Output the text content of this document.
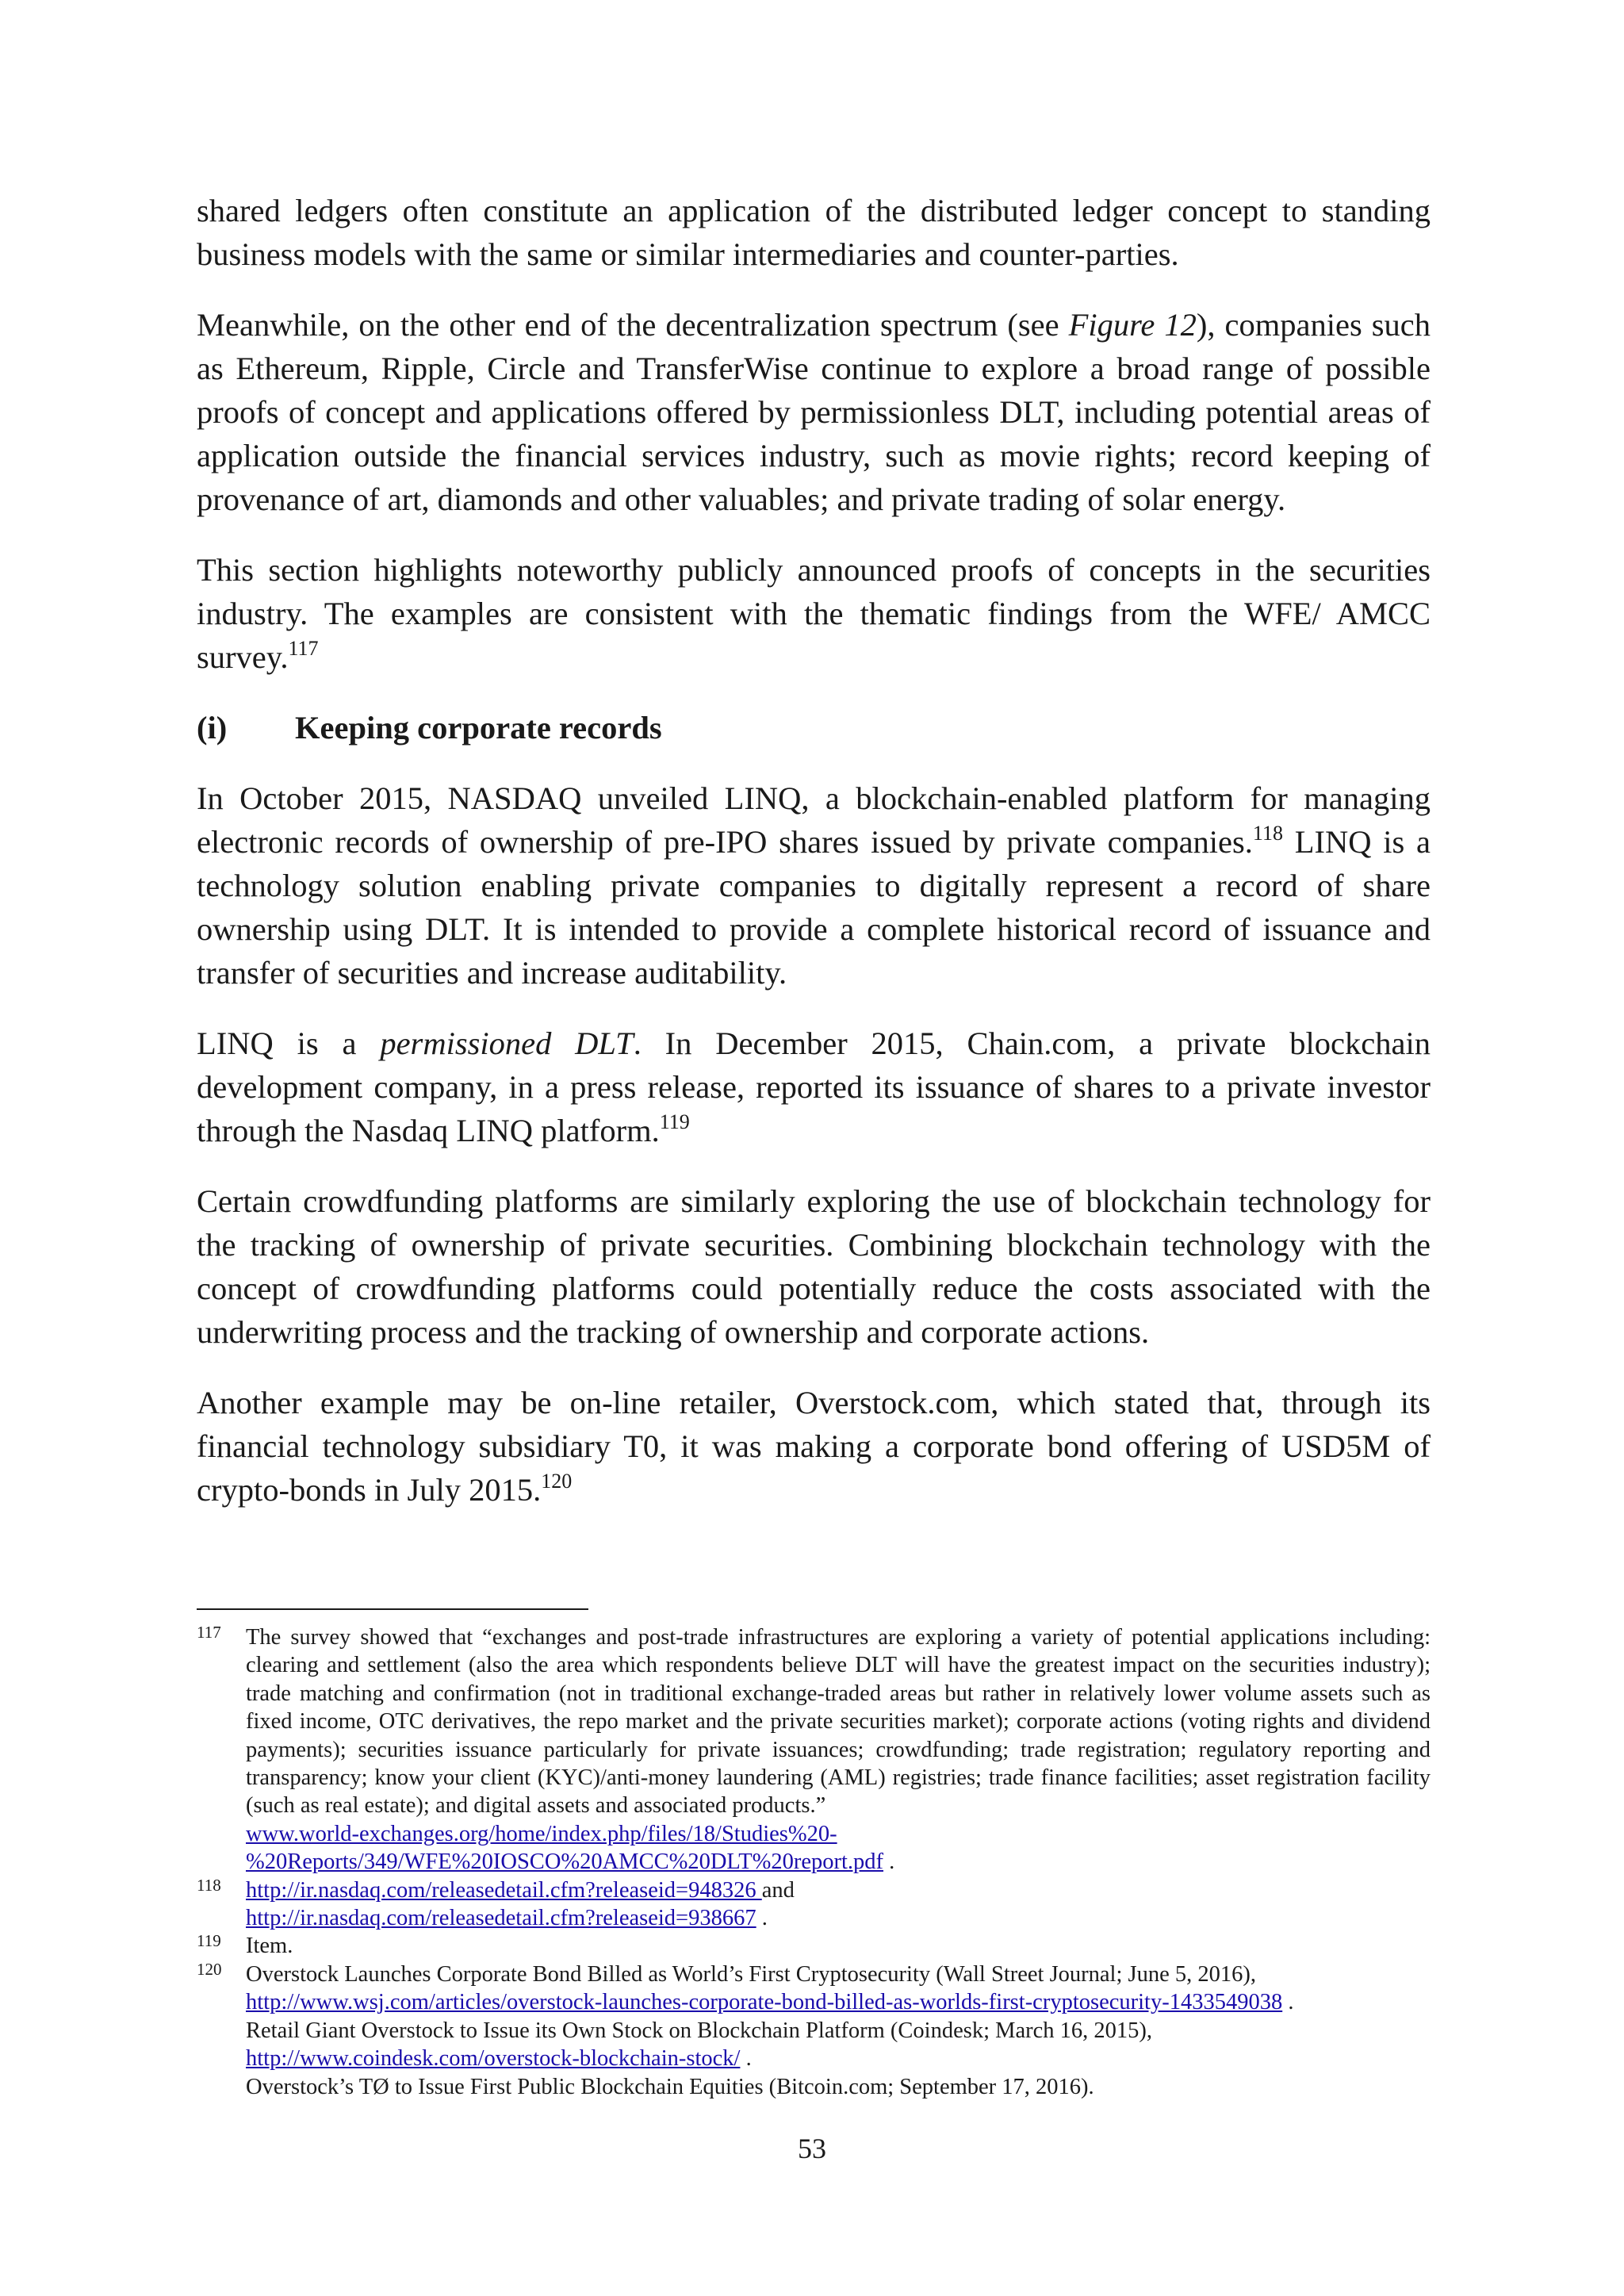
shared ledgers often constitute an application of the distributed ledger concept to standing business models with the same or similar intermediaries and counter-parties.

Meanwhile, on the other end of the decentralization spectrum (see Figure 12), companies such as Ethereum, Ripple, Circle and TransferWise continue to explore a broad range of possible proofs of concept and applications offered by permissionless DLT, including potential areas of application outside the financial services industry, such as movie rights; record keeping of provenance of art, diamonds and other valuables; and private trading of solar energy.

This section highlights noteworthy publicly announced proofs of concepts in the securities industry. The examples are consistent with the thematic findings from the WFE/ AMCC survey.$^{117}$

(i)	Keeping corporate records

In October 2015, NASDAQ unveiled LINQ, a blockchain-enabled platform for managing electronic records of ownership of pre-IPO shares issued by private companies.$^{118}$ LINQ is a technology solution enabling private companies to digitally represent a record of share ownership using DLT. It is intended to provide a complete historical record of issuance and transfer of securities and increase auditability.

LINQ is a permissioned DLT. In December 2015, Chain.com, a private blockchain development company, in a press release, reported its issuance of shares to a private investor through the Nasdaq LINQ platform.$^{119}$

Certain crowdfunding platforms are similarly exploring the use of blockchain technology for the tracking of ownership of private securities. Combining blockchain technology with the concept of crowdfunding platforms could potentially reduce the costs associated with the underwriting process and the tracking of ownership and corporate actions.

Another example may be on-line retailer, Overstock.com, which stated that, through its financial technology subsidiary T0, it was making a corporate bond offering of USD5M of crypto-bonds in July 2015.$^{120}$

117	The survey showed that “exchanges and post-trade infrastructures are exploring a variety of potential applications including: clearing and settlement (also the area which respondents believe DLT will have the greatest impact on the securities industry); trade matching and confirmation (not in traditional exchange-traded areas but rather in relatively lower volume assets such as fixed income, OTC derivatives, the repo market and the private securities market); corporate actions (voting rights and dividend payments); securities issuance particularly for private issuances; crowdfunding; trade registration; regulatory reporting and transparency; know your client (KYC)/anti-money laundering (AML) registries; trade finance facilities; asset registration facility (such as real estate); and digital assets and associated products.”
www.world-exchanges.org/home/index.php/files/18/Studies%20-
%20Reports/349/WFE%20IOSCO%20AMCC%20DLT%20report.pdf .
118	http://ir.nasdaq.com/releasedetail.cfm?releaseid=948326 and
http://ir.nasdaq.com/releasedetail.cfm?releaseid=938667 .
119	Item.
120	Overstock Launches Corporate Bond Billed as World’s First Cryptosecurity (Wall Street Journal; June 5, 2016),
http://www.wsj.com/articles/overstock-launches-corporate-bond-billed-as-worlds-first-cryptosecurity-1433549038 .
Retail Giant Overstock to Issue its Own Stock on Blockchain Platform (Coindesk; March 16, 2015),
http://www.coindesk.com/overstock-blockchain-stock/ .
Overstock’s TØ to Issue First Public Blockchain Equities (Bitcoin.com; September 17, 2016).
53
